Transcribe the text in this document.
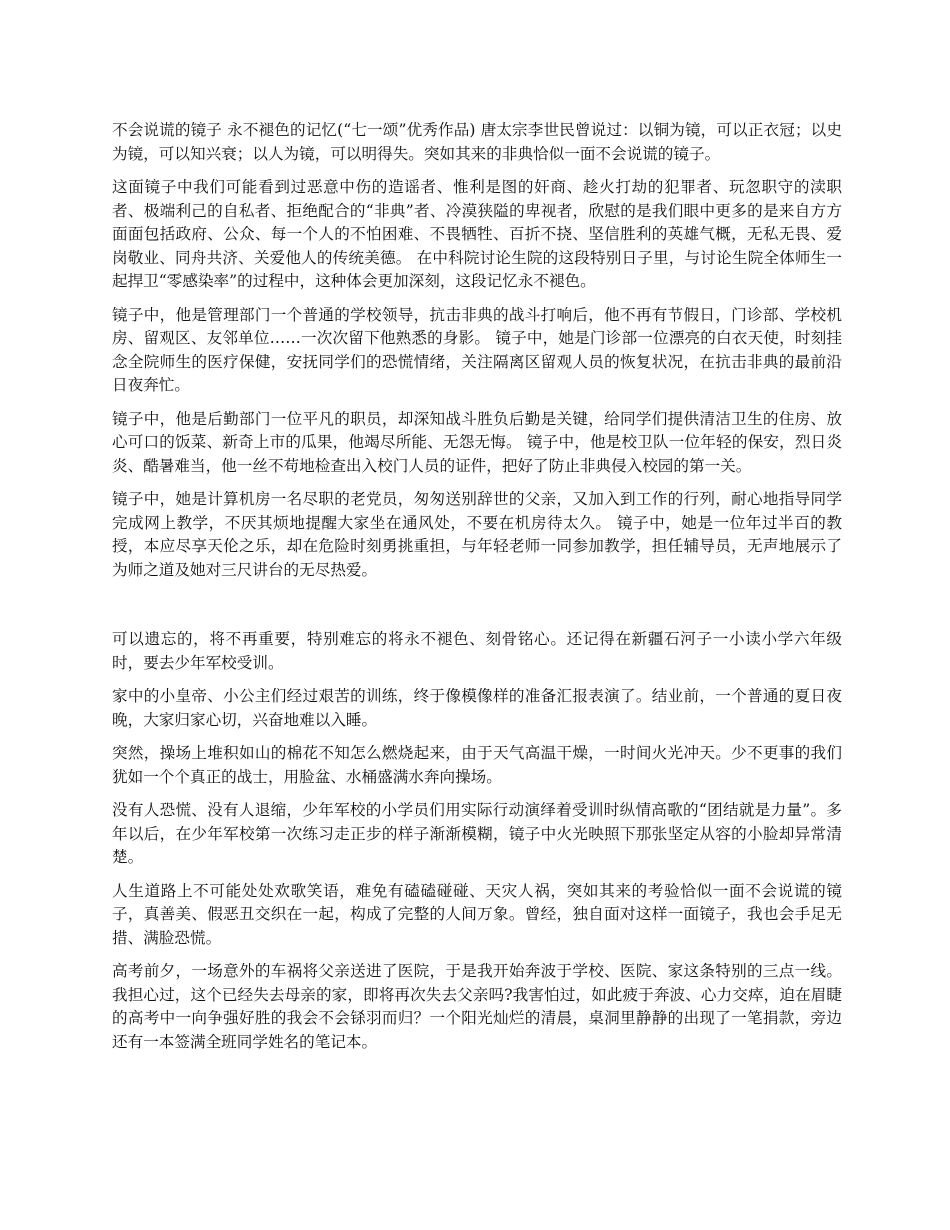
不会说谎的镜子 永不褪色的记忆(“七一颂”优秀作品) 唐太宗李世民曾说过：以铜为镜，可以正衣冠；以史为镜，可以知兴衰；以人为镜，可以明得失。突如其来的非典恰似一面不会说谎的镜子。

这面镜子中我们可能看到过恶意中伤的造谣者、惟利是图的奸商、趁火打劫的犯罪者、玩忽职守的渎职者、极端利己的自私者、拒绝配合的“非典”者、冷漠狭隘的卑视者，欣慰的是我们眼中更多的是来自方方面面包括政府、公众、每一个人的不怕困难、不畏牺牲、百折不挠、坚信胜利的英雄气概，无私无畏、爱岗敬业、同舟共济、关爱他人的传统美德。 在中科院讨论生院的这段特别日子里，与讨论生院全体师生一起捍卫“零感染率”的过程中，这种体会更加深刻，这段记忆永不褪色。

镜子中，他是管理部门一个普通的学校领导，抗击非典的战斗打响后，他不再有节假日，门诊部、学校机房、留观区、友邻单位……一次次留下他熟悉的身影。 镜子中，她是门诊部一位漂亮的白衣天使，时刻挂念全院师生的医疗保健，安抚同学们的恐慌情绪，关注隔离区留观人员的恢复状况，在抗击非典的最前沿日夜奔忙。

镜子中，他是后勤部门一位平凡的职员，却深知战斗胜负后勤是关键，给同学们提供清洁卫生的住房、放心可口的饭菜、新奇上市的瓜果，他竭尽所能、无怨无悔。 镜子中，他是校卫队一位年轻的保安，烈日炎炎、酷暑难当，他一丝不苟地检查出入校门人员的证件，把好了防止非典侵入校园的第一关。

镜子中，她是计算机房一名尽职的老党员，匆匆送别辞世的父亲，又加入到工作的行列，耐心地指导同学完成网上教学，不厌其烦地提醒大家坐在通风处，不要在机房待太久。 镜子中，她是一位年过半百的教授，本应尽享天伦之乐，却在危险时刻勇挑重担，与年轻老师一同参加教学，担任辅导员，无声地展示了为师之道及她对三尺讲台的无尽热爱。

可以遗忘的，将不再重要，特别难忘的将永不褪色、刻骨铭心。还记得在新疆石河子一小读小学六年级时，要去少年军校受训。

家中的小皇帝、小公主们经过艰苦的训练，终于像模像样的准备汇报表演了。结业前，一个普通的夏日夜晚，大家归家心切，兴奋地难以入睡。

突然，操场上堆积如山的棉花不知怎么燃烧起来，由于天气高温干燥，一时间火光冲天。少不更事的我们犹如一个个真正的战士，用脸盆、水桶盛满水奔向操场。

没有人恐慌、没有人退缩，少年军校的小学员们用实际行动演绎着受训时纵情高歌的“团结就是力量”。多年以后，在少年军校第一次练习走正步的样子渐渐模糊，镜子中火光映照下那张坚定从容的小脸却异常清楚。

人生道路上不可能处处欢歌笑语，难免有磕磕碰碰、天灾人祸，突如其来的考验恰似一面不会说谎的镜子，真善美、假恶丑交织在一起，构成了完整的人间万象。曾经，独自面对这样一面镜子，我也会手足无措、满脸恐慌。

高考前夕，一场意外的车祸将父亲送进了医院，于是我开始奔波于学校、医院、家这条特别的三点一线。我担心过，这个已经失去母亲的家，即将再次失去父亲吗?我害怕过，如此疲于奔波、心力交瘁，迫在眉睫的高考中一向争强好胜的我会不会铩羽而归？一个阳光灿烂的清晨，桌洞里静静的出现了一笔捐款，旁边还有一本签满全班同学姓名的笔记本。
